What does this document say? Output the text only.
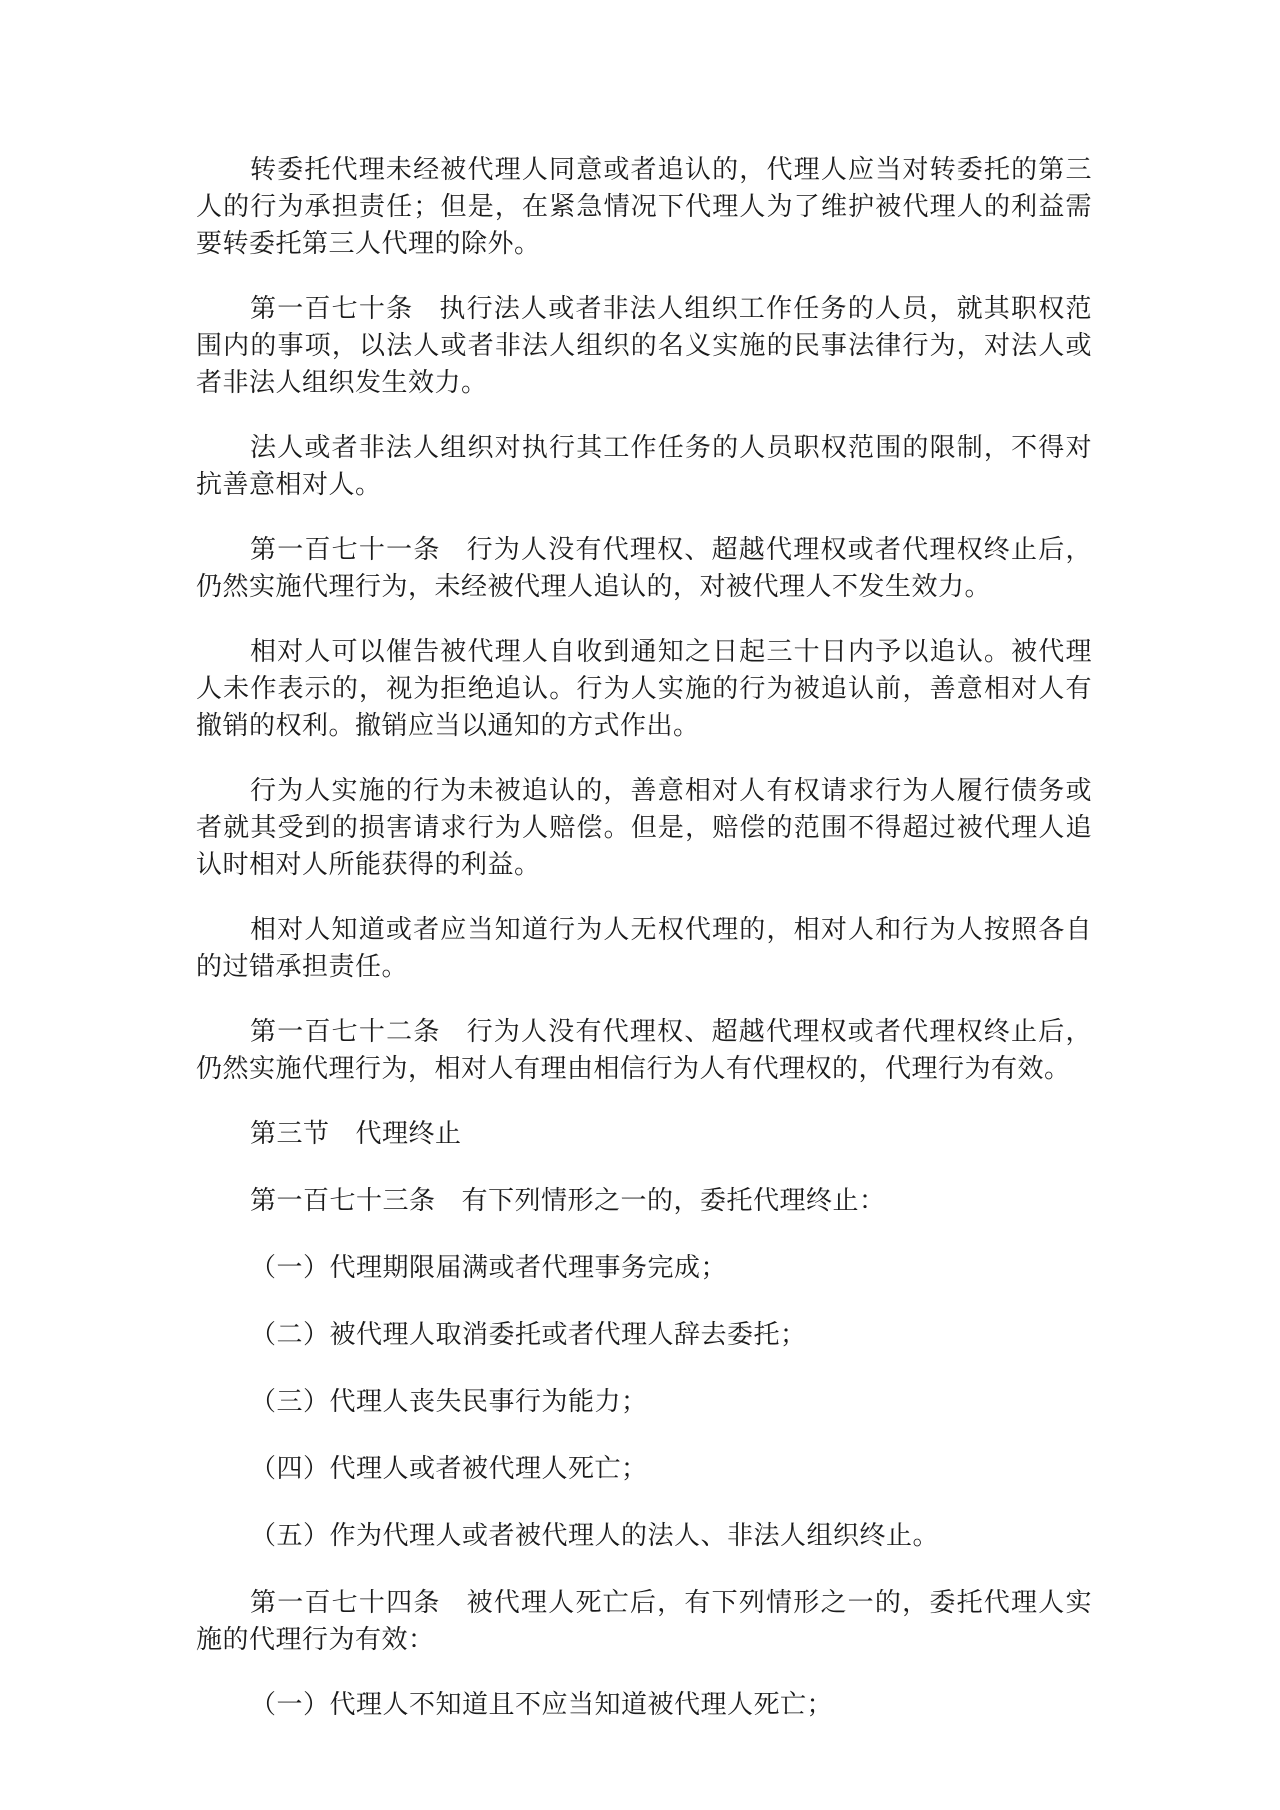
转委托代理未经被代理人同意或者追认的，代理人应当对转委托的第三人的行为承担责任；但是，在紧急情况下代理人为了维护被代理人的利益需要转委托第三人代理的除外。

第一百七十条 执行法人或者非法人组织工作任务的人员，就其职权范围内的事项，以法人或者非法人组织的名义实施的民事法律行为，对法人或者非法人组织发生效力。

法人或者非法人组织对执行其工作任务的人员职权范围的限制，不得对抗善意相对人。

第一百七十一条 行为人没有代理权、超越代理权或者代理权终止后，仍然实施代理行为，未经被代理人追认的，对被代理人不发生效力。

相对人可以催告被代理人自收到通知之日起三十日内予以追认。被代理人未作表示的，视为拒绝追认。行为人实施的行为被追认前，善意相对人有撤销的权利。撤销应当以通知的方式作出。

行为人实施的行为未被追认的，善意相对人有权请求行为人履行债务或者就其受到的损害请求行为人赔偿。但是，赔偿的范围不得超过被代理人追认时相对人所能获得的利益。

相对人知道或者应当知道行为人无权代理的，相对人和行为人按照各自的过错承担责任。

第一百七十二条 行为人没有代理权、超越代理权或者代理权终止后，仍然实施代理行为，相对人有理由相信行为人有代理权的，代理行为有效。

第三节 代理终止

第一百七十三条 有下列情形之一的，委托代理终止：

（一）代理期限届满或者代理事务完成；

（二）被代理人取消委托或者代理人辞去委托；

（三）代理人丧失民事行为能力；

（四）代理人或者被代理人死亡；

（五）作为代理人或者被代理人的法人、非法人组织终止。

第一百七十四条 被代理人死亡后，有下列情形之一的，委托代理人实施的代理行为有效：

（一）代理人不知道且不应当知道被代理人死亡；
